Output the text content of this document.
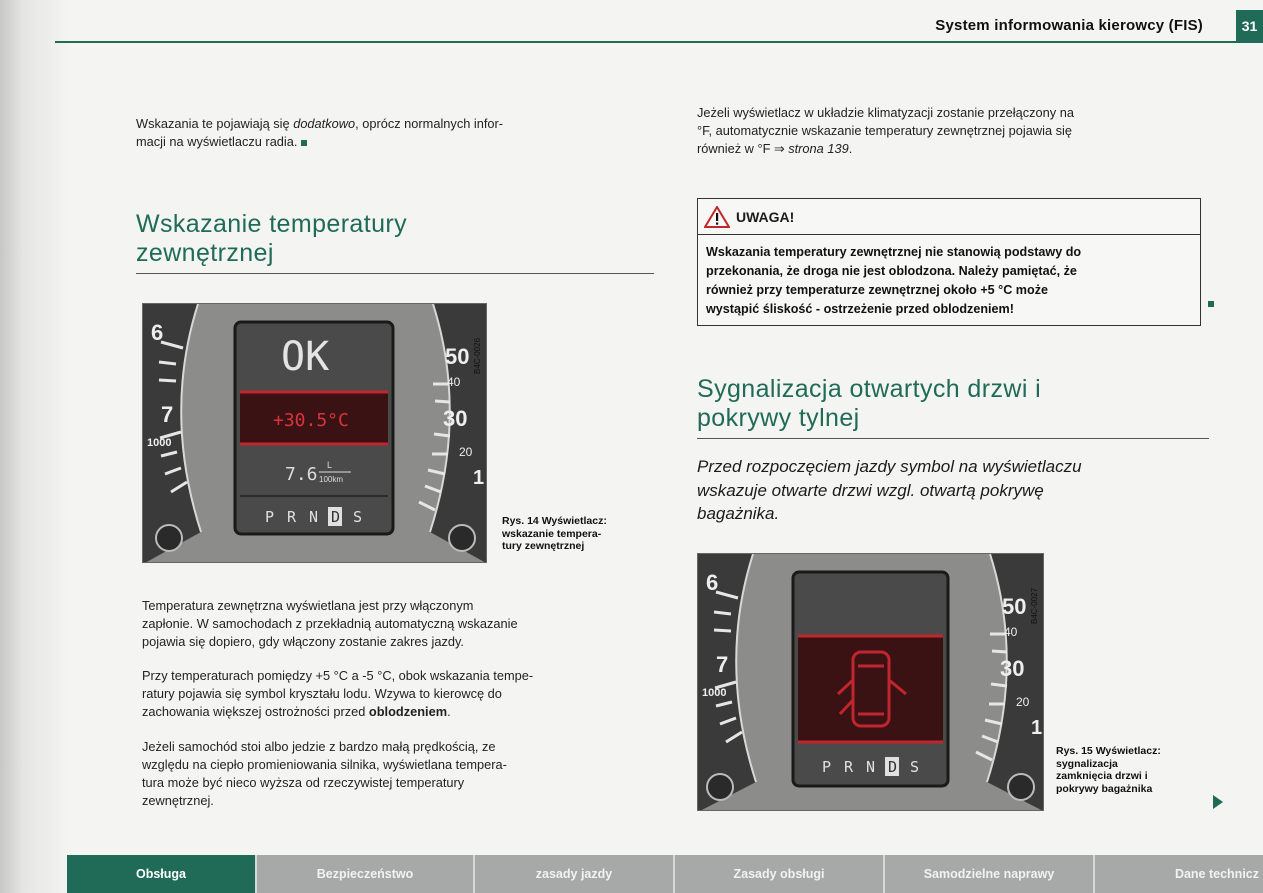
System informowania kierowcy (FIS)	31
Wskazania te pojawiają się dodatkowo, oprócz normalnych infor-
macji na wyświetlaczu radia.
Wskazanie temperatury
zewnętrznej
6
7
1000
50
40
30
20
1
B4C-0026
OK
+30.5°C
7.6 L
100km
P R N D S	Rys. 14 Wyświetlacz:
wskazanie tempera-
tury zewnętrznej
Temperatura zewnętrzna wyświetlana jest przy włączonym
zapłonie. W samochodach z przekładnią automatyczną wskazanie
pojawia się dopiero, gdy włączony zostanie zakres jazdy.
Przy temperaturach pomiędzy +5 °C a -5 °C, obok wskazania tempe-
ratury pojawia się symbol kryształu lodu. Wzywa to kierowcę do
zachowania większej ostrożności przed oblodzeniem.
Jeżeli samochód stoi albo jedzie z bardzo małą prędkością, ze
względu na ciepło promieniowania silnika, wyświetlana tempera-
tura może być nieco wyższa od rzeczywistej temperatury
zewnętrznej.
Jeżeli wyświetlacz w układzie klimatyzacji zostanie przełączony na
°F, automatycznie wskazanie temperatury zewnętrznej pojawia się
również w °F ⇒ strona 139.
UWAGA!
Wskazania temperatury zewnętrznej nie stanowią podstawy do
przekonania, że droga nie jest oblodzona. Należy pamiętać, że
również przy temperaturze zewnętrznej około +5 °C może
wystąpić śliskość - ostrzeżenie przed oblodzeniem!
Sygnalizacja otwartych drzwi i
pokrywy tylnej
Przed rozpoczęciem jazdy symbol na wyświetlaczu
wskazuje otwarte drzwi wzgl. otwartą pokrywę
bagażnika.
6
7
1000
50
40
30
20
1
B4C-0027
P R N D S
Rys. 15 Wyświetlacz:
sygnalizacja
zamknięcia drzwi i
pokrywy bagażnika
Obsługa	Bezpieczeństwo	zasady jazdy	Zasady obsługi	Samodzielne naprawy	Dane technicz
